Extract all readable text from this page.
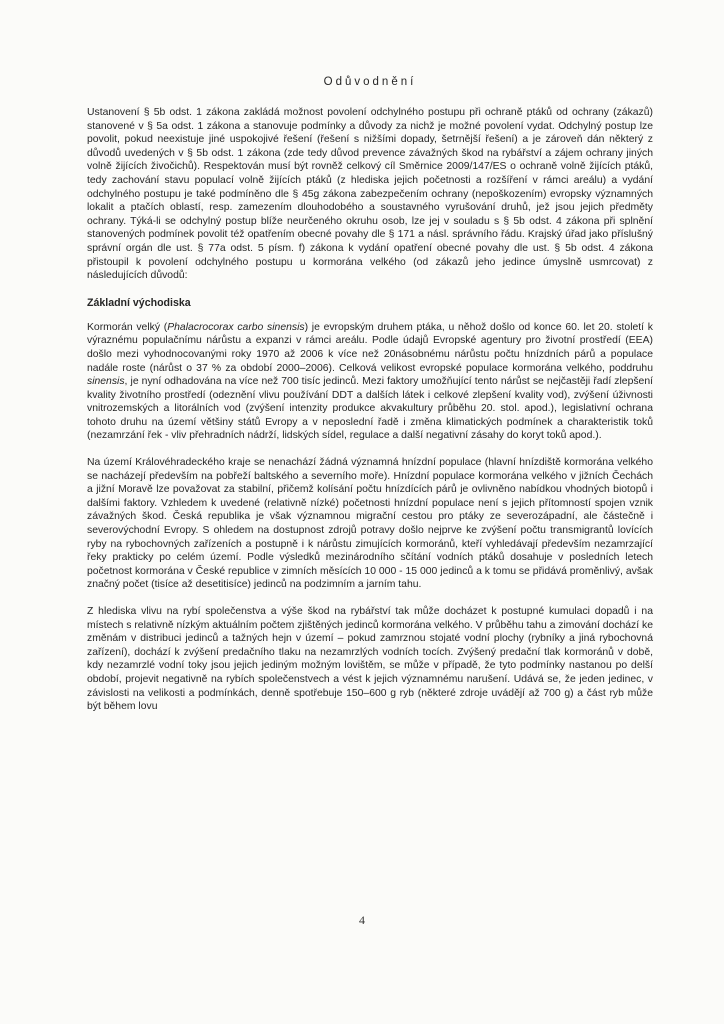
Odůvodnění

Ustanovení § 5b odst. 1 zákona zakládá možnost povolení odchylného postupu při ochraně ptáků od ochrany (zákazů) stanovené v § 5a odst. 1 zákona a stanovuje podmínky a důvody za nichž je možné povolení vydat. Odchylný postup lze povolit, pokud neexistuje jiné uspokojivé řešení (řešení s nižšími dopady, šetrnější řešení) a je zároveň dán některý z důvodů uvedených v § 5b odst. 1 zákona (zde tedy důvod prevence závažných škod na rybářství a zájem ochrany jiných volně žijících živočichů). Respektován musí být rovněž celkový cíl Směrnice 2009/147/ES o ochraně volně žijících ptáků, tedy zachování stavu populací volně žijících ptáků (z hlediska jejich početnosti a rozšíření v rámci areálu) a vydání odchylného postupu je také podmíněno dle § 45g zákona zabezpečením ochrany (nepoškozením) evropsky významných lokalit a ptačích oblastí, resp. zamezením dlouhodobého a soustavného vyrušování druhů, jež jsou jejich předměty ochrany. Týká-li se odchylný postup blíže neurčeného okruhu osob, lze jej v souladu s § 5b odst. 4 zákona při splnění stanovených podmínek povolit též opatřením obecné povahy dle § 171 a násl. správního řádu. Krajský úřad jako příslušný správní orgán dle ust. § 77a odst. 5 písm. f) zákona k vydání opatření obecné povahy dle ust. § 5b odst. 4 zákona přistoupil k povolení odchylného postupu u kormorána velkého (od zákazů jeho jedince úmyslně usmrcovat) z následujících důvodů:

Základní východiska

Kormorán velký (Phalacrocorax carbo sinensis) je evropským druhem ptáka, u něhož došlo od konce 60. let 20. století k výraznému populačnímu nárůstu a expanzi v rámci areálu. Podle údajů Evropské agentury pro životní prostředí (EEA) došlo mezi vyhodnocovanými roky 1970 až 2006 k více než 20násobnému nárůstu počtu hnízdních párů a populace nadále roste (nárůst o 37 % za období 2000–2006). Celková velikost evropské populace kormorána velkého, poddruhu sinensis, je nyní odhadována na více než 700 tisíc jedinců. Mezi faktory umožňující tento nárůst se nejčastěji řadí zlepšení kvality životního prostředí (odeznění vlivu používání DDT a dalších látek i celkové zlepšení kvality vod), zvýšení úživnosti vnitrozemských a litorálních vod (zvýšení intenzity produkce akvakultury průběhu 20. stol. apod.), legislativní ochrana tohoto druhu na území většiny států Evropy a v neposlední řadě i změna klimatických podmínek a charakteristik toků (nezamrzání řek - vliv přehradních nádrží, lidských sídel, regulace a další negativní zásahy do koryt toků apod.).

Na území Královéhradeckého kraje se nenachází žádná významná hnízdní populace (hlavní hnízdiště kormorána velkého se nacházejí především na pobřeží baltského a severního moře). Hnízdní populace kormorána velkého v jižních Čechách a jižní Moravě lze považovat za stabilní, přičemž kolísání počtu hnízdících párů je ovlivněno nabídkou vhodných biotopů i dalšími faktory. Vzhledem k uvedené (relativně nízké) početnosti hnízdní populace není s jejich přítomností spojen vznik závažných škod. Česká republika je však významnou migrační cestou pro ptáky ze severozápadní, ale částečně i severovýchodní Evropy. S ohledem na dostupnost zdrojů potravy došlo nejprve ke zvýšení počtu transmigrantů lovících ryby na rybochovných zařízeních a postupně i k nárůstu zimujících kormoránů, kteří vyhledávají především nezamrzající řeky prakticky po celém území. Podle výsledků mezinárodního sčítání vodních ptáků dosahuje v posledních letech početnost kormorána v České republice v zimních měsících 10 000 - 15 000 jedinců a k tomu se přidává proměnlivý, avšak značný počet (tisíce až desetitisíce) jedinců na podzimním a jarním tahu.

Z hlediska vlivu na rybí společenstva a výše škod na rybářství tak může docházet k postupné kumulaci dopadů i na místech s relativně nízkým aktuálním počtem zjištěných jedinců kormorána velkého. V průběhu tahu a zimování dochází ke změnám v distribuci jedinců a tažných hejn v území – pokud zamrznou stojaté vodní plochy (rybníky a jiná rybochovná zařízení), dochází k zvýšení predačního tlaku na nezamrzlých vodních tocích. Zvýšený predační tlak kormoránů v době, kdy nezamrzlé vodní toky jsou jejich jediným možným lovištěm, se může v případě, že tyto podmínky nastanou po delší období, projevit negativně na rybích společenstvech a vést k jejich významnému narušení. Udává se, že jeden jedinec, v závislosti na velikosti a podmínkách, denně spotřebuje 150–600 g ryb (některé zdroje uvádějí až 700 g) a část ryb může být během lovu

4
